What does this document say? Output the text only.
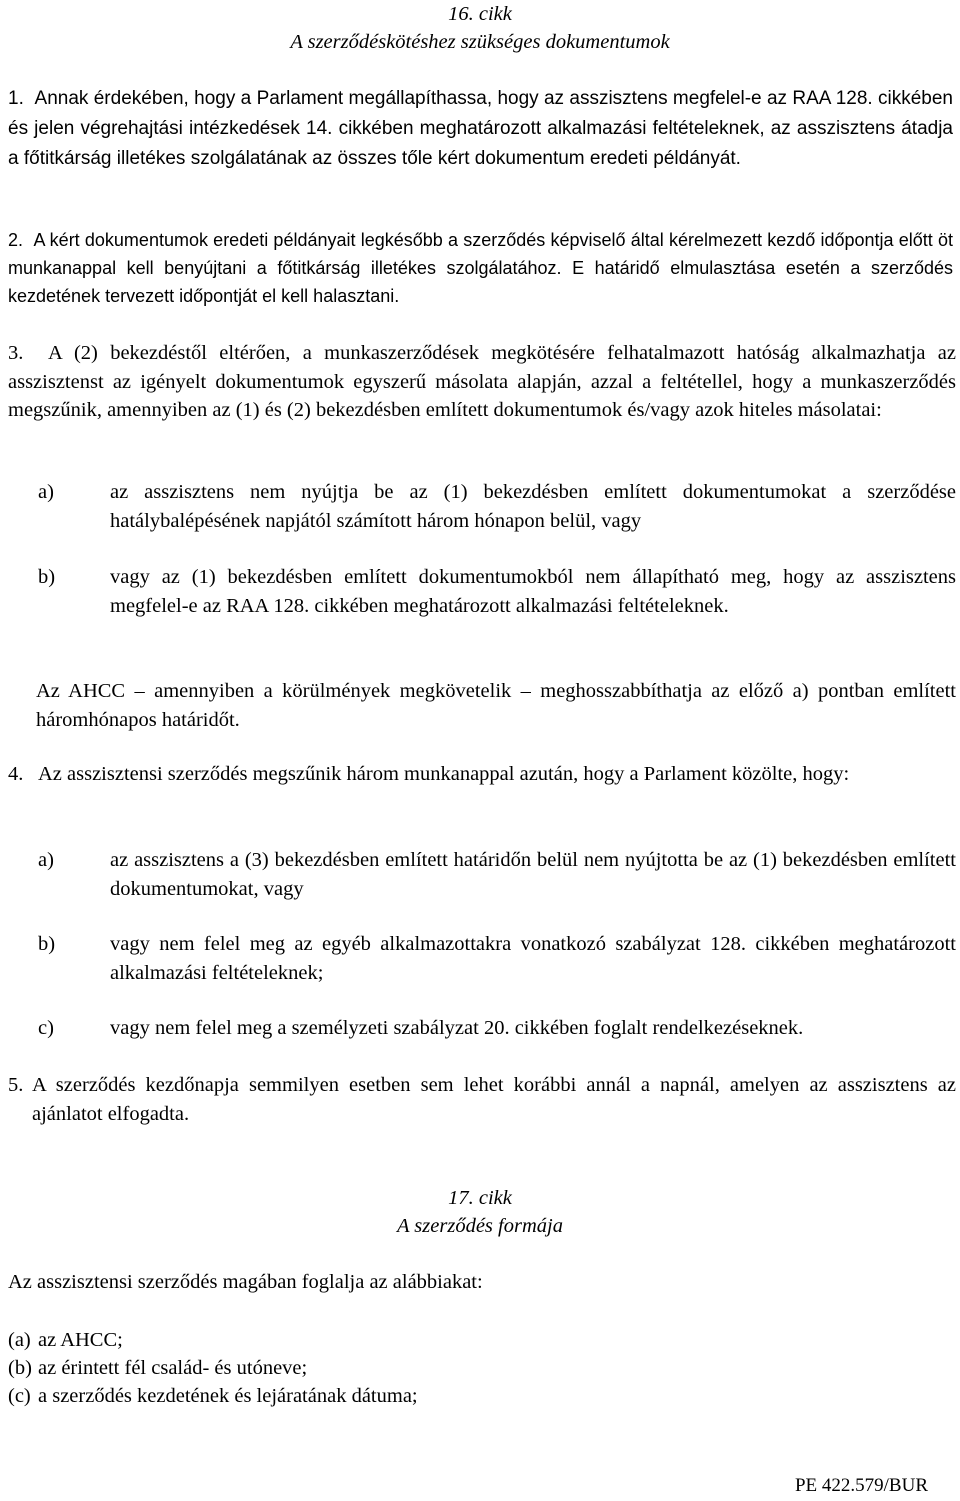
16. cikk
A szerződéskötéshez szükséges dokumentumok

1. Annak érdekében, hogy a Parlament megállapíthassa, hogy az asszisztens megfelel-e az RAA 128. cikkében és jelen végrehajtási intézkedések 14. cikkében meghatározott alkalmazási feltételeknek, az asszisztens átadja a főtitkárság illetékes szolgálatának az összes tőle kért dokumentum eredeti példányát.

2. A kért dokumentumok eredeti példányait legkésőbb a szerződés képviselő által kérelmezett kezdő időpontja előtt öt munkanappal kell benyújtani a főtitkárság illetékes szolgálatához. E határidő elmulasztása esetén a szerződés kezdetének tervezett időpontját el kell halasztani.

3. A (2) bekezdéstől eltérően, a munkaszerződések megkötésére felhatalmazott hatóság alkalmazhatja az asszisztenst az igényelt dokumentumok egyszerű másolata alapján, azzal a feltétellel, hogy a munkaszerződés megszűnik, amennyiben az (1) és (2) bekezdésben említett dokumentumok és/vagy azok hiteles másolatai:

a)	az asszisztens nem nyújtja be az (1) bekezdésben említett dokumentumokat a szerződése hatálybalépésének napjától számított három hónapon belül, vagy
b)	vagy az (1) bekezdésben említett dokumentumokból nem állapítható meg, hogy az asszisztens megfelel-e az RAA 128. cikkében meghatározott alkalmazási feltételeknek.
Az AHCC – amennyiben a körülmények megkövetelik – meghosszabbíthatja az előző a) pontban említett háromhónapos határidőt.
4. Az asszisztensi szerződés megszűnik három munkanappal azután, hogy a Parlament közölte, hogy:
a)	az asszisztens a (3) bekezdésben említett határidőn belül nem nyújtotta be az (1) bekezdésben említett dokumentumokat, vagy
b)	vagy nem felel meg az egyéb alkalmazottakra vonatkozó szabályzat 128. cikkében meghatározott alkalmazási feltételeknek;
c)	vagy nem felel meg a személyzeti szabályzat 20. cikkében foglalt rendelkezéseknek.
5. A szerződés kezdőnapja semmilyen esetben sem lehet korábbi annál a napnál, amelyen az asszisztens az ajánlatot elfogadta.
17. cikk
A szerződés formája
Az asszisztensi szerződés magában foglalja az alábbiakat:
(a) az AHCC;
(b) az érintett fél család- és utóneve;
(c) a szerződés kezdetének és lejáratának dátuma;
PE 422.579/BUR
